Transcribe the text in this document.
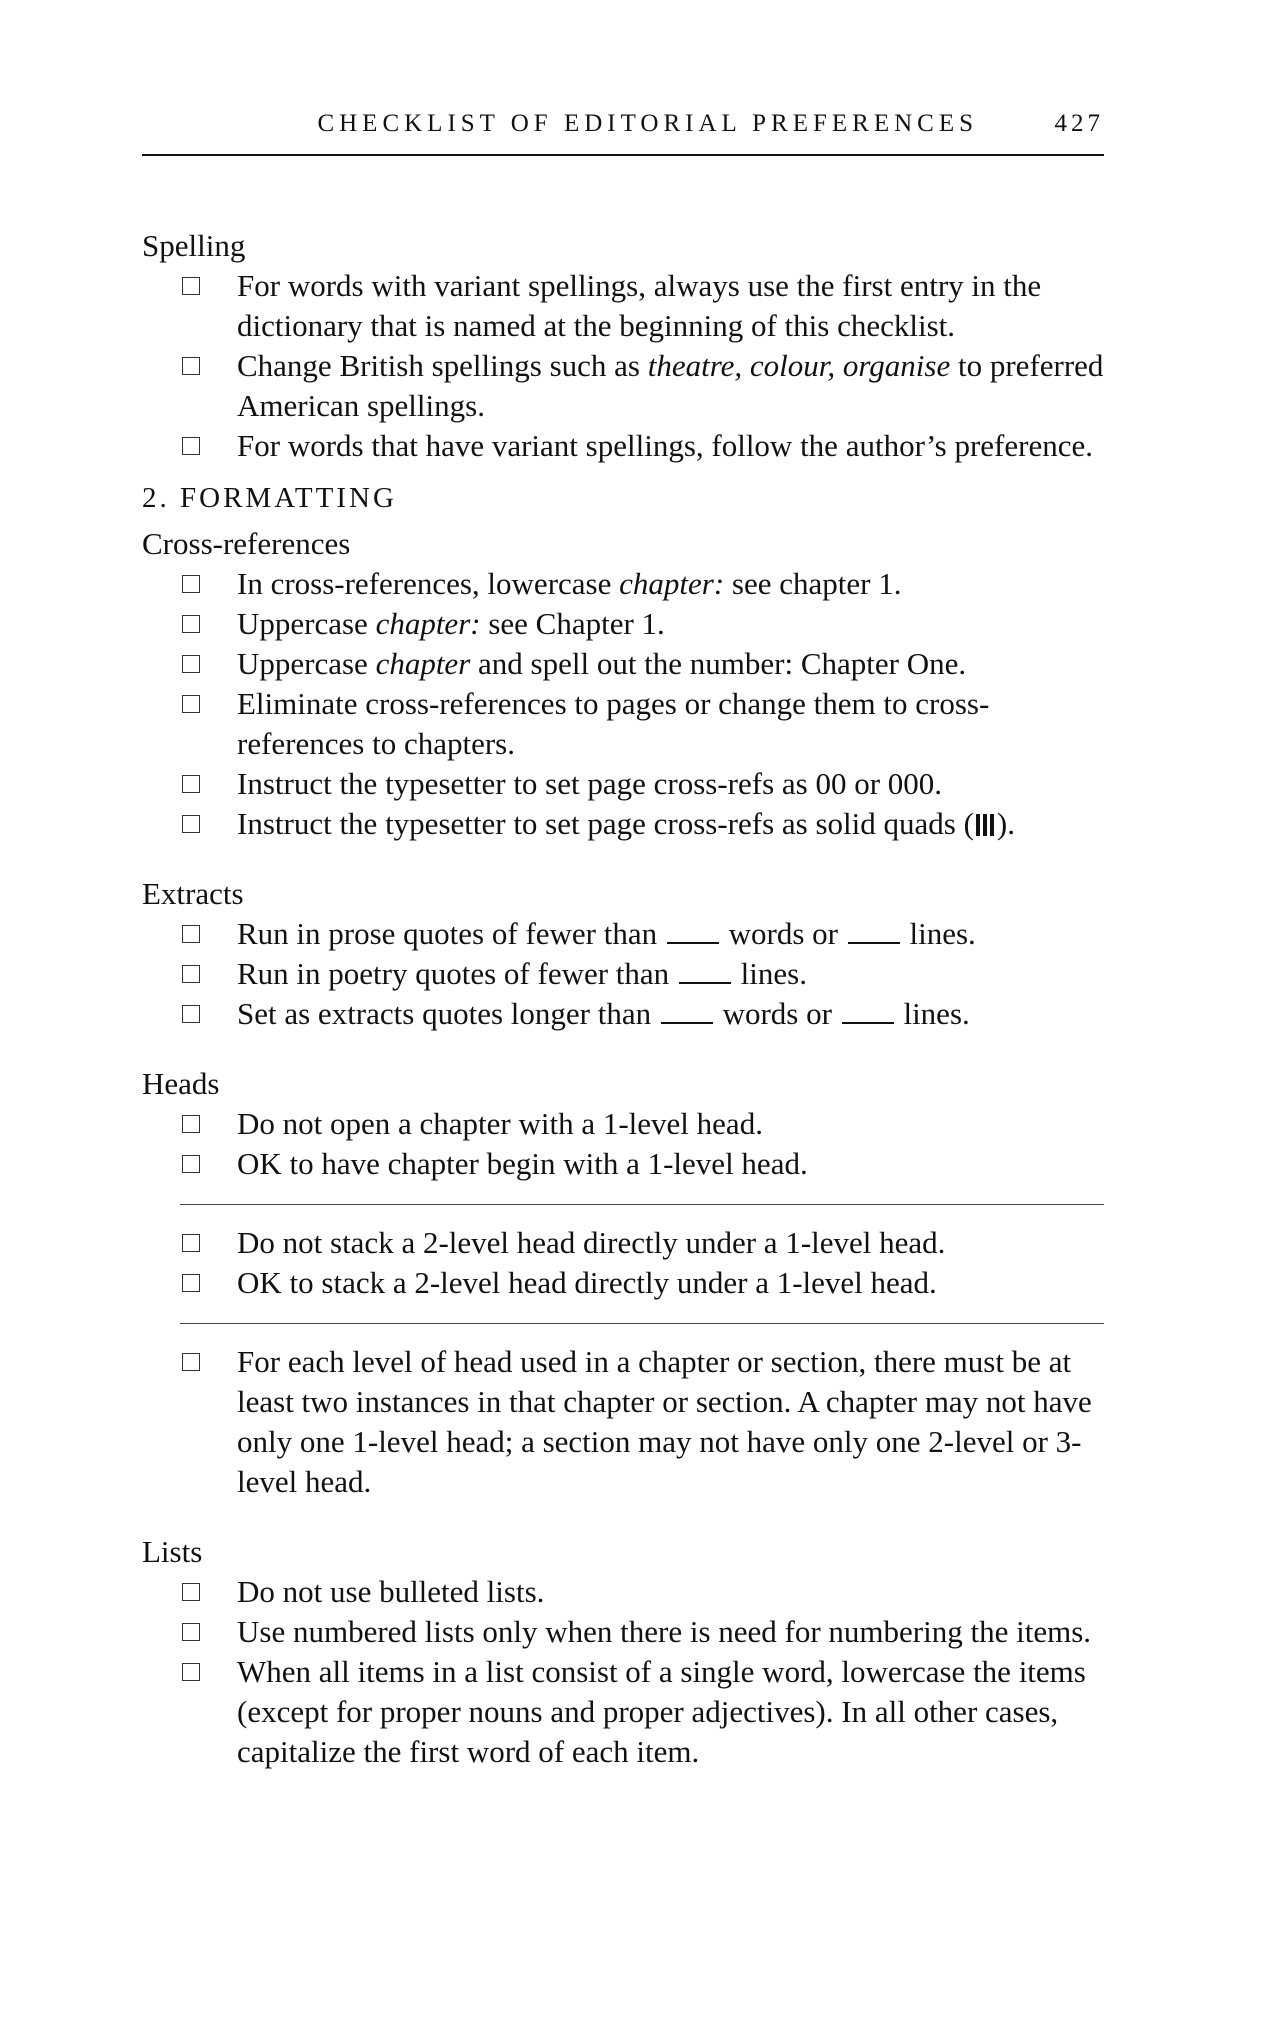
CHECKLIST OF EDITORIAL PREFERENCES	427
Spelling
For words with variant spellings, always use the first entry in the dictionary that is named at the beginning of this checklist.
Change British spellings such as theatre, colour, organise to preferred American spellings.
For words that have variant spellings, follow the author’s preference.
2. FORMATTING
Cross-references
In cross-references, lowercase chapter: see chapter 1.
Uppercase chapter: see Chapter 1.
Uppercase chapter and spell out the number: Chapter One.
Eliminate cross-references to pages or change them to cross-references to chapters.
Instruct the typesetter to set page cross-refs as 00 or 000.
Instruct the typesetter to set page cross-refs as solid quads ( ).
Extracts
Run in prose quotes of fewer than words or lines.
Run in poetry quotes of fewer than lines.
Set as extracts quotes longer than words or lines.
Heads
Do not open a chapter with a 1-level head.
OK to have chapter begin with a 1-level head.
Do not stack a 2-level head directly under a 1-level head.
OK to stack a 2-level head directly under a 1-level head.
For each level of head used in a chapter or section, there must be at least two instances in that chapter or section. A chapter may not have only one 1-level head; a section may not have only one 2-level or 3-level head.
Lists
Do not use bulleted lists.
Use numbered lists only when there is need for numbering the items.
When all items in a list consist of a single word, lowercase the items (except for proper nouns and proper adjectives). In all other cases, capitalize the first word of each item.
